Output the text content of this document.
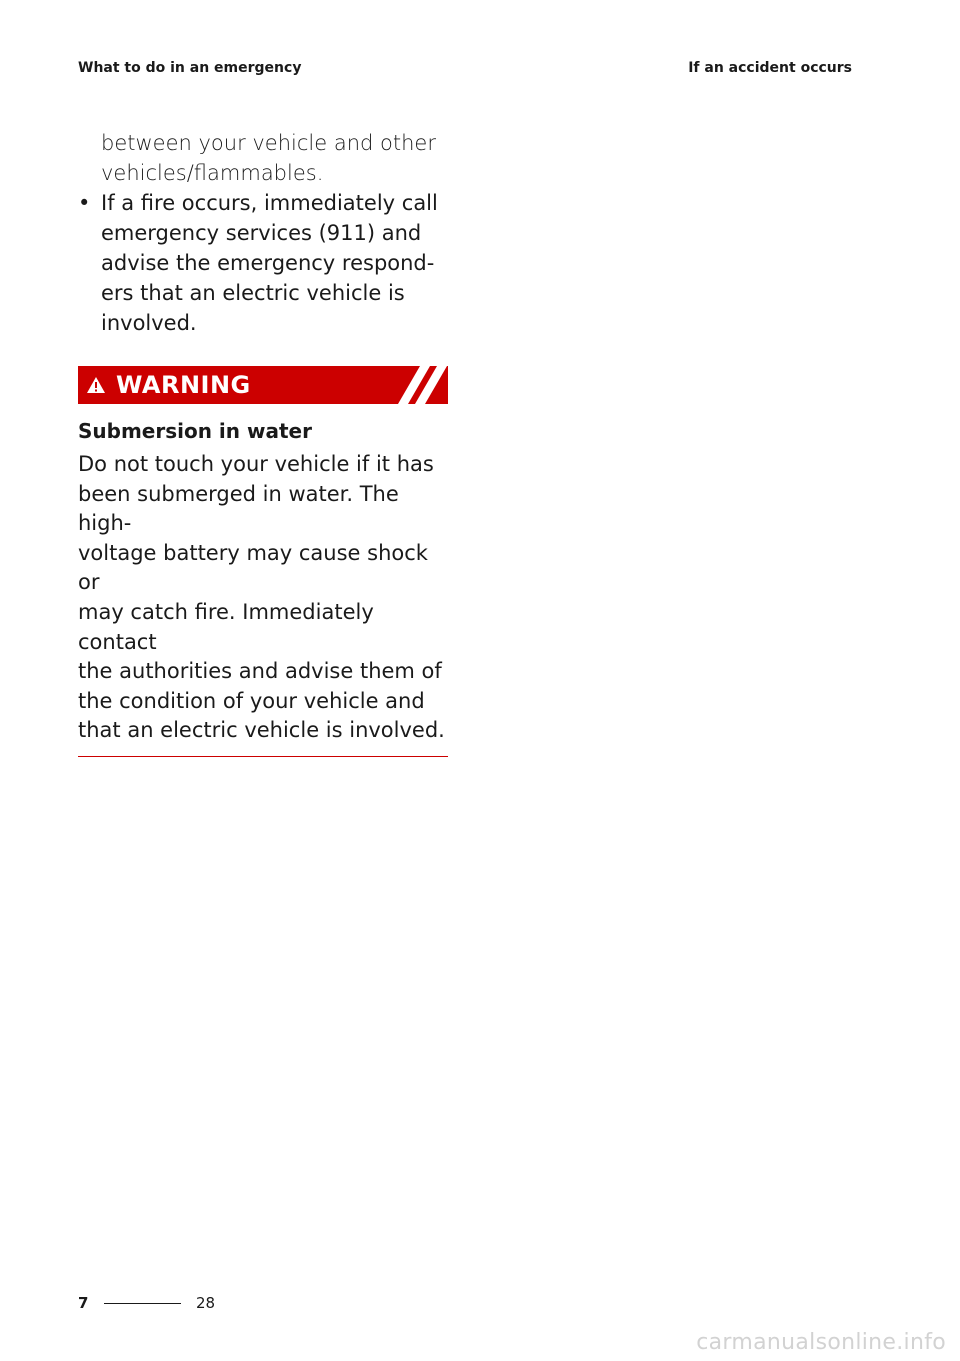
What to do in an emergency	If an accident occurs
between your vehicle and other
vehicles/flammables.
• If a fire occurs, immediately call
emergency services (911) and
advise the emergency respond-
ers that an electric vehicle is
involved.
WARNING
Submersion in water
Do not touch your vehicle if it has
been submerged in water. The high-
voltage battery may cause shock or
may catch fire. Immediately contact
the authorities and advise them of
the condition of your vehicle and
that an electric vehicle is involved.
7	28
carmanualsonline.info
